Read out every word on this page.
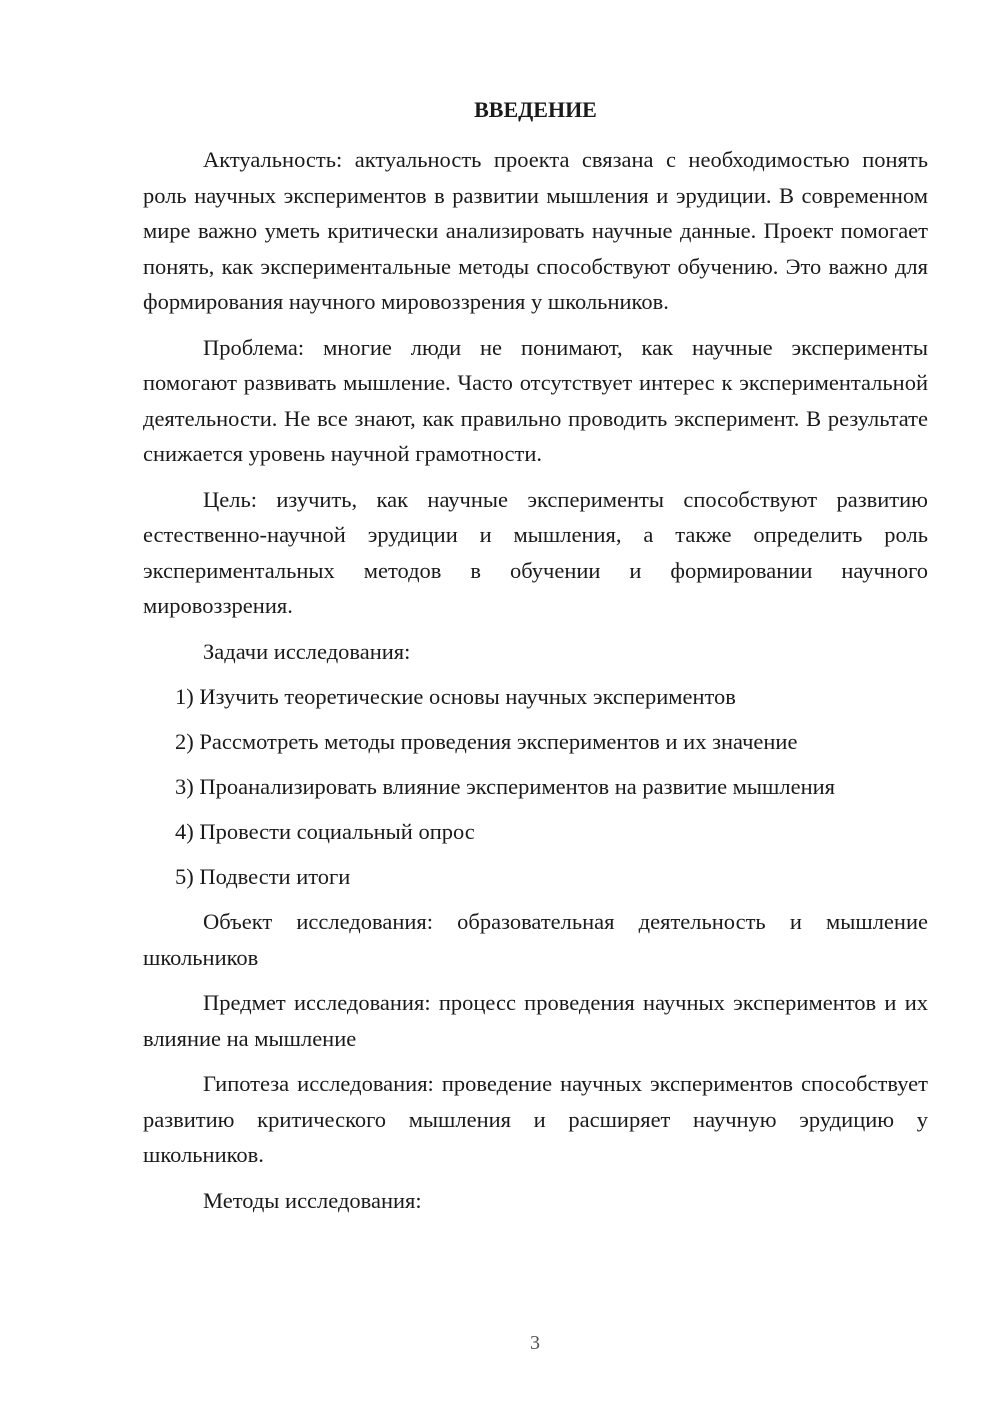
ВВЕДЕНИЕ

Актуальность: актуальность проекта связана с необходимостью понять роль научных экспериментов в развитии мышления и эрудиции. В современном мире важно уметь критически анализировать научные данные. Проект помогает понять, как экспериментальные методы способствуют обучению. Это важно для формирования научного мировоззрения у школьников.

Проблема: многие люди не понимают, как научные эксперименты помогают развивать мышление. Часто отсутствует интерес к экспериментальной деятельности. Не все знают, как правильно проводить эксперимент. В результате снижается уровень научной грамотности.

Цель: изучить, как научные эксперименты способствуют развитию естественно-научной эрудиции и мышления, а также определить роль экспериментальных методов в обучении и формировании научного мировоззрения.

Задачи исследования:

1) Изучить теоретические основы научных экспериментов
2) Рассмотреть методы проведения экспериментов и их значение
3) Проанализировать влияние экспериментов на развитие мышления
4) Провести социальный опрос
5) Подвести итоги

Объект исследования: образовательная деятельность и мышление школьников

Предмет исследования: процесс проведения научных экспериментов и их влияние на мышление

Гипотеза исследования: проведение научных экспериментов способствует развитию критического мышления и расширяет научную эрудицию у школьников.

Методы исследования:

3
